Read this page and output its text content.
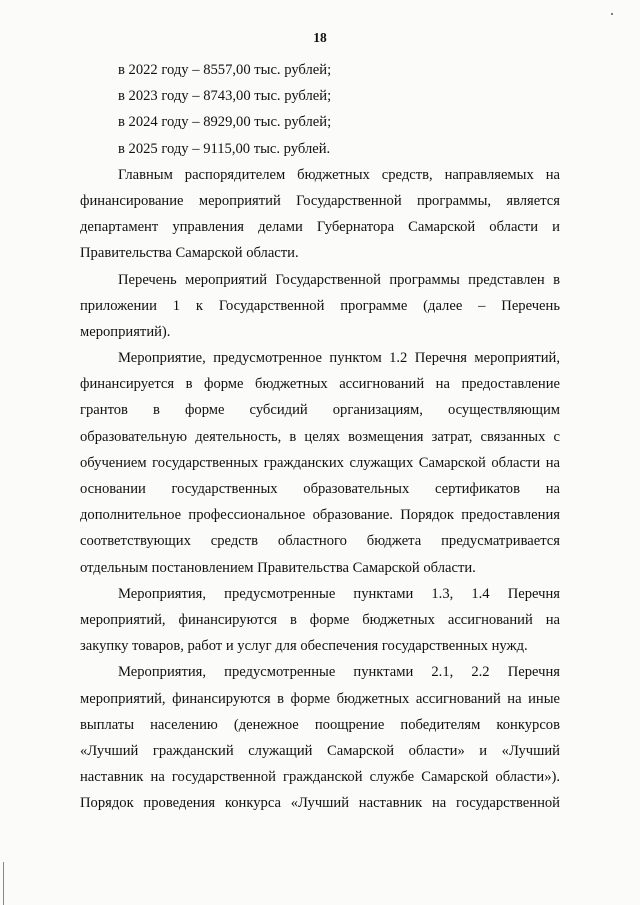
18
в 2022 году – 8557,00 тыс. рублей;
в 2023 году – 8743,00 тыс. рублей;
в 2024 году – 8929,00 тыс. рублей;
в 2025 году – 9115,00 тыс. рублей.
Главным распорядителем бюджетных средств, направляемых на
финансирование мероприятий Государственной программы, является
департамент управления делами Губернатора Самарской области и
Правительства Самарской области.
Перечень мероприятий Государственной программы представлен в
приложении 1 к Государственной программе (далее – Перечень
мероприятий).
Мероприятие, предусмотренное пунктом 1.2 Перечня мероприятий,
финансируется в форме бюджетных ассигнований на предоставление
грантов в форме субсидий организациям, осуществляющим
образовательную деятельность, в целях возмещения затрат, связанных с
обучением государственных гражданских служащих Самарской области на
основании государственных образовательных сертификатов на
дополнительное профессиональное образование. Порядок предоставления
соответствующих средств областного бюджета предусматривается
отдельным постановлением Правительства Самарской области.
Мероприятия, предусмотренные пунктами 1.3, 1.4 Перечня
мероприятий, финансируются в форме бюджетных ассигнований на
закупку товаров, работ и услуг для обеспечения государственных нужд.
Мероприятия, предусмотренные пунктами 2.1, 2.2 Перечня
мероприятий, финансируются в форме бюджетных ассигнований на иные
выплаты населению (денежное поощрение победителям конкурсов
«Лучший гражданский служащий Самарской области» и «Лучший
наставник на государственной гражданской службе Самарской области»).
Порядок проведения конкурса «Лучший наставник на государственной
